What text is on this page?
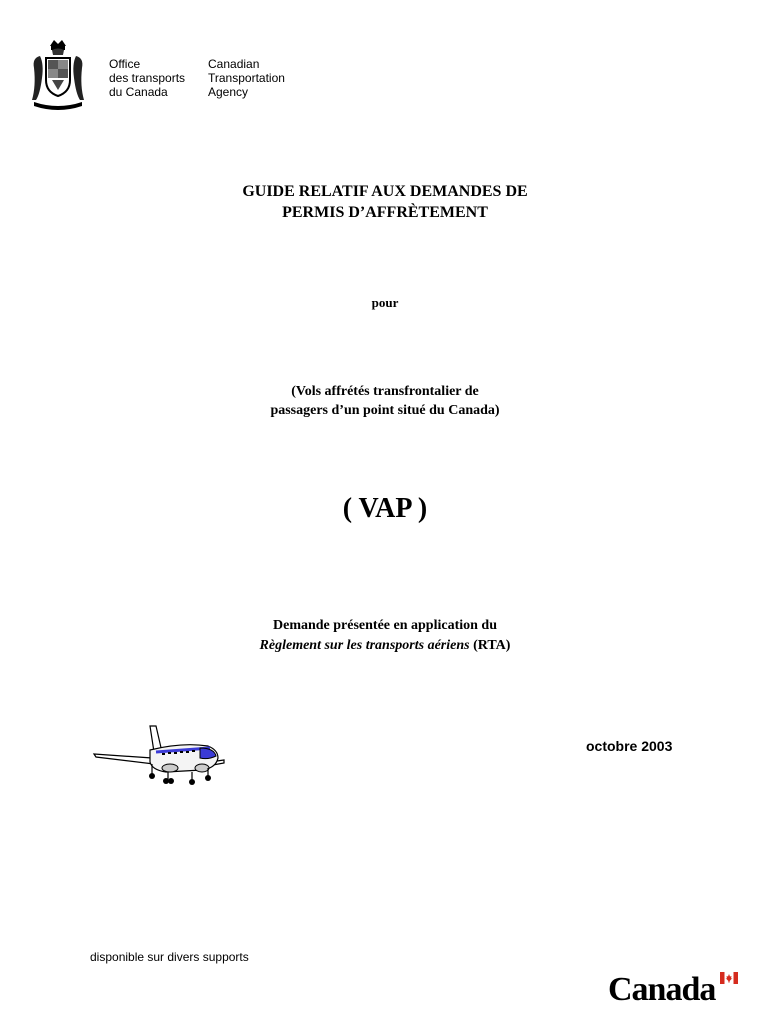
Office
des transports
du Canada
Canadian
Transportation
Agency
GUIDE RELATIF AUX DEMANDES DE
PERMIS D’AFFRÈTEMENT
pour
(Vols affrétés transfrontalier de
passagers d’un point situé du Canada)
( VAP )
Demande présentée en application du
Règlement sur les transports aériens (RTA)
octobre 2003
disponible sur divers supports
Canada
